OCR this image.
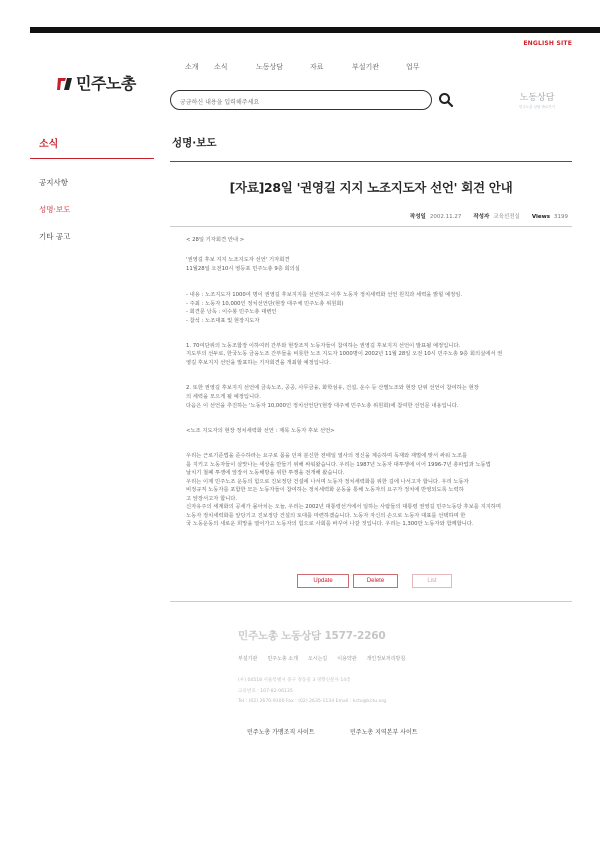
ENGLISH SITE
민주노총
소개	소식	노동상담	자료	부설기관	업무
궁금하신 내용을 입력해주세요	노동상담
민주노총 상담 바로가기
소식
공지사항
성명·보도
기타 공고
성명·보도
[자료]28일 '권영길 지지 노조지도자 선언' 회견 안내
작성일 2002.11.27 작성자 교육선전실 Views 3199
< 28일 기자회견 안내 >
'권영길 후보 지지 노조지도자 선언' 기자회견
11월28일 오전10시 영등포 민주노총 9층 회의실
- 내용 : 노조지도자 1000여 명이 권영길 후보지지를 선언하고 이후 노동자 정치세력화 선언 원칙과 세력을 밝힐 예정임.
- 주최 : 노동자 10,000인 정치선언단(현장 대주체 민주노총 위원회)
- 회견문 낭독 : 이수봉 민주노총 대변인
- 참석 : 노조대표 및 현장지도자
1. 70여단위의 노동조합장 이하여러 간부와 현장조직 노동자들이 참여하는 권영길 후보지지 선언이 발표될 예정입니다.
지도부의 선두로, 한국노동 금융노조 간부들을 비롯한 노조 지도자 1000명이 2002년 11월 28일 오전 10시 민주노총 9층 회의실에서 권
영길 후보지지 선언을 발표하는 기자회견을 개최할 예정입니다.
2. 또한 권영길 후보지지 선언에 금속노조, 공공, 사무금융, 화학섬유, 건설, 운수 등 산별노조와 현장 단위 선언이 참여하는 현장
의 세력을 모으게 될 예정입니다.
다음은 이 선언을 추진하는 '노동자 10,000인 정치선언단'(현장 대주체 민주노총 위원회)에 참여한 선언문 내용입니다.
<노조 지도자의 현장 정치세력화 선언 : 제목 노동자 후보 선언>
우리는 근로기준법을 준수하라는 요구로 몸을 던져 분신한 전태일 열사의 정신을 계승하며 독재와 재벌에 맞서 싸워 노조를
를 지키고 노동자들이 살맛나는 세상을 만들기 위해 싸워왔습니다. 우리는 1987년 노동자 대투쟁에 이어 1996-7년 총파업과 노동법
날치기 철폐 투쟁에 앞장서 노동해방을 위한 투쟁을 전개해 왔습니다.
우리는 이제 민주노조 운동의 힘으로 진보정당 건설에 나서며 노동자 정치세력화를 위한 길에 나서고자 합니다. 우리 노동자
비정규직 노동자를 포함한 모든 노동자들이 참여하는 정치세력화 운동을 통해 노동자의 요구가 정치에 반영되도록 노력하
고 앞장서고자 합니다.
신자유주의 세계화의 공세가 몰아치는 오늘, 우리는 2002년 대통령선거에서 일하는 사람들의 대통령 권영길 민주노동당 후보를 지지하며
노동자 정치세력화를 앞당기고 진보정당 건설의 토대를 마련하겠습니다. 노동자 자신의 손으로 노동자 대표를 선택하며 한
국 노동운동의 새로운 희망을 열어가고 노동자의 힘으로 사회를 바꾸어 나갈 것입니다. 우리는 1,300만 노동자와 함께합니다.
Update	Delete	List
민주노총 노동상담 1577-2260
부설기관 민주노총 소개 오시는길 이용약관 개인정보처리방침
(우) 04518 서울특별시 중구 정동길 3 경향신문사 14층
고유번호 : 107-82-06135
Tel : (02) 2670-9100 Fax : (02) 2635-1134 Email : kctu@kctu.org
민주노총 가맹조직 사이트	민주노총 지역본부 사이트
